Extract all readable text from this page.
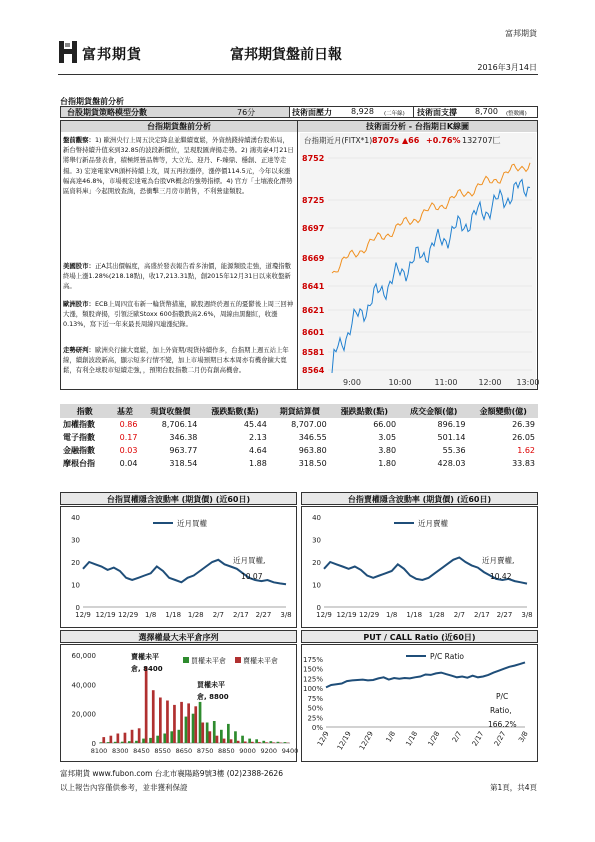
富邦期貨
富邦期貨	富邦期貨盤前日報
2016年3月14日
台指期貨盤前分析
台股期貨策略模型分數	76分	技術面壓力 8,928 (二年線) 技術面支撐 8,700 (整數關)
台指期貨盤前分析	技術面分析 - 台指期日K線圖
盤前觀察：1) 歐洲央行上周五決定降息並繼續寬鬆，外資熱錢持續湧台股佈局，新台幣持續升值來到32.85的波段新價位，呈現股匯齊揚走勢。2) 鴻夷豪4月21日將舉行新品發表會，積極經營品牌等，大立光、迎丹、F-臻鼎、穩創、正達等走揚。3) 宏達電家VR頭杯持續上攻，周五再拉漲停，漲停價114.5元，今年以來漲幅高達46.8%，市場視宏達電為台股VR概念的強勢指標。4) 官方「土壤液化潛勢區資料庫」今起開放查詢，恐衝擊三月房市銷售，不利營建類股。
美國股市：正A其出價幅度，高盛於發表報告看多油價，能源類股走強，道瓊指數終場上漲1.28%(218.18點)，收17,213.31點，創2015年12月31日以來收盤新高。
歐洲股市：ECB上周四宣布新一輪貨幣措施，歐股週終於週五的憂鬱後上周三回神大漲，類股齊揚，引領泛歐Stoxx 600指數跌高2.6%，周線由黑翻紅，收漲0.13%，寫下近一年來最長周線四連漲紀錄。
走勢研判：歐洲央行擴大寬鬆，加上外資期/現貨持續作多，台指期上週五站上年線，續創波段新高，顯示短多行情不變，加上市場預期日本本周亦有機會擴大寬鬆，有利全球股市短續走強，，預期台股指數二月仍有創高機會。
台指期近月(FITX*1) 8707s ▲66 +0.76% 132707匚
8752
8725
8697
8669
8641
8621
8601
8581
8564
9:00	10:00	11:00	12:00 13:00
指數	基差	現貨收盤價	漲跌點數(點)	期貨結算價	漲跌點數(點)	成交金額(億)	金額變動(億)
加權指數	0.86	8,706.14	45.44	8,707.00	66.00	896.19	26.39
電子指數	0.17	346.38	2.13	346.55	3.05	501.14	26.05
金融指數	0.03	963.77	4.64	963.80	3.80	55.36	1.62
摩根台指	0.04	318.54	1.88	318.50	1.80	428.03	33.83
台指買權隱含波動率 (期貨價) (近60日)	台指賣權隱含波動率 (期貨價) (近60日)
0
10
20
30
40
12/9 12/19 12/29 1/8 1/18 1/28 2/7 2/17 2/27 3/8
近月買權
近月買權,
10.07
0
10
20
30
40
12/9 12/19 12/29 1/8 1/18 1/28 2/7 2/17 2/27 3/8
近月賣權
近月賣權,
10.42
選擇權最大未平倉序列	PUT / CALL Ratio (近60日)
0
20,000
40,000
60,000
8100 8300 8450 8550 8650 8750 8850 9000 9200 9400
買權未平倉 賣權未平倉
賣權未平
倉, 8400
買權未平
倉, 8800
0%
25%
50%
75%
100%
125%
150%
175%
12/9 12/19 12/29 1/8 1/18 1/28 2/7 2/17 2/27 3/8
P/C Ratio
P/C
Ratio,
166.2%
富邦期貨 www.fubon.com 台北市襄陽路9號3樓 (02)2388-2626
以上報告內容僅供參考，並非獲利保證	第1頁，共4頁
